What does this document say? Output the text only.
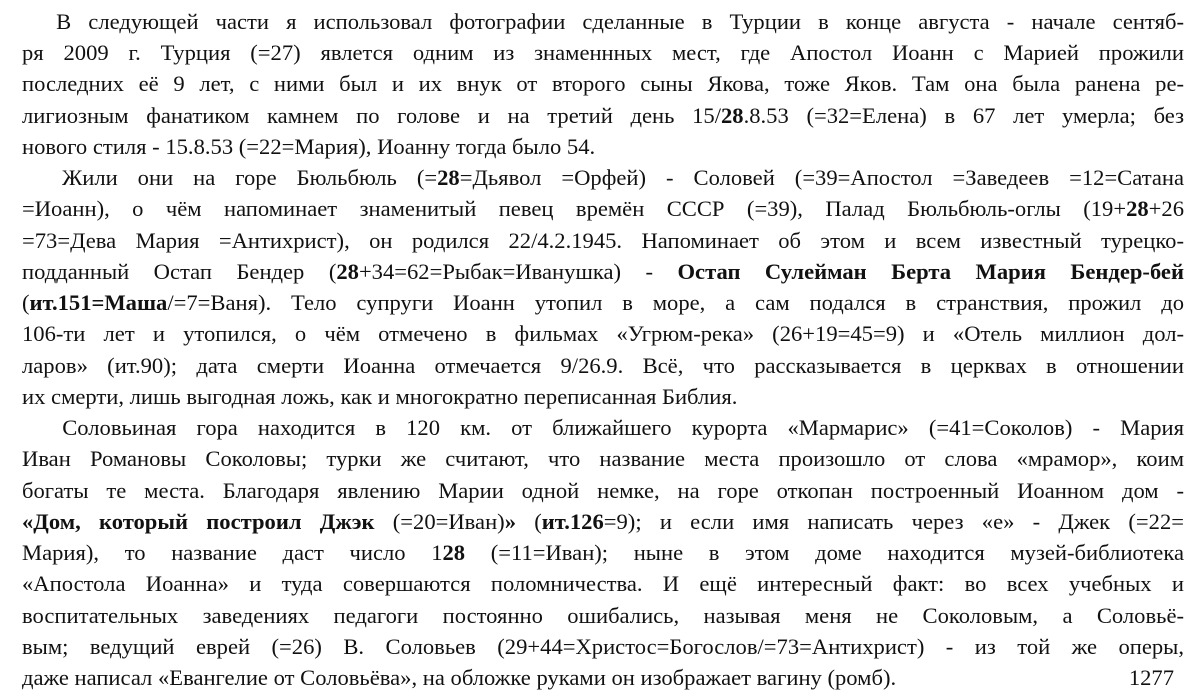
В следующей части я использовал фотографии сделанные в Турции в конце августа - начале сентяб-
ря 2009 г. Турция (=27) явлется одним из знаменнных мест, где Апостол Иоанн с Марией прожили
последних её 9 лет, с ними был и их внук от второго сыны Якова, тоже Яков. Там она была ранена ре-
лигиозным фанатиком камнем по голове и на третий день 15/28.8.53 (=32=Елена) в 67 лет умерла; без
нового стиля - 15.8.53 (=22=Мария), Иоанну тогда было 54.
Жили они на горе Бюльбюль (=28=Дьявол =Орфей) - Соловей (=39=Апостол =Заведеев =12=Сатана
=Иоанн), о чём напоминает знаменитый певец времён СССР (=39), Палад Бюльбюль-оглы (19+28+26
=73=Дева Мария =Антихрист), он родился 22/4.2.1945. Напоминает об этом и всем известный турецко-
подданный Остап Бендер (28+34=62=Рыбак=Иванушка) - Остап Сулейман Берта Мария Бендер-бей
(ит.151=Маша/=7=Ваня). Тело супруги Иоанн утопил в море, а сам подался в странствия, прожил до
106-ти лет и утопился, о чём отмечено в фильмах «Угрюм-река» (26+19=45=9) и «Отель миллион дол-
ларов» (ит.90); дата смерти Иоанна отмечается 9/26.9. Всё, что рассказывается в церквах в отношении
их смерти, лишь выгодная ложь, как и многократно переписанная Библия.
Соловьиная гора находится в 120 км. от ближайшего курорта «Мармарис» (=41=Соколов) - Мария
Иван Романовы Соколовы; турки же считают, что название места произошло от слова «мрамор», коим
богаты те места. Благодаря явлению Марии одной немке, на горе откопан построенный Иоанном дом -
«Дом, который построил Джэк (=20=Иван)» (ит.126=9); и если имя написать через «е» - Джек (=22=
Мария), то название даст число 128 (=11=Иван); ныне в этом доме находится музей-библиотека
«Апостола Иоанна» и туда совершаются поломничества. И ещё интересный факт: во всех учебных и
воспитательных заведениях педагоги постоянно ошибались, называя меня не Соколовым, а Соловьё-
вым; ведущий еврей (=26) В. Соловьев (29+44=Христос=Богослов/=73=Антихрист) - из той же оперы,
даже написал «Евангелие от Соловьёва», на обложке руками он изображает вагину (ромб).	1277
